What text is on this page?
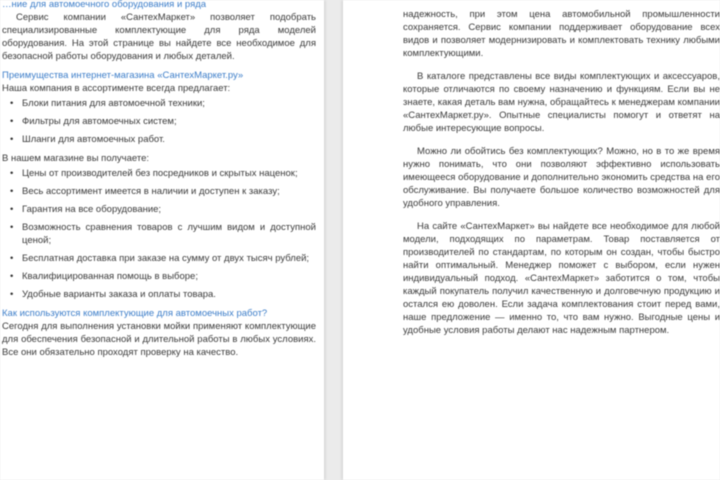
…ние для автомоечного оборудования и ряда

Сервис компании «СантехМаркет» позволяет подобрать специализированные комплектующие для ряда моделей оборудования. На этой странице вы найдете все необходимое для безопасной работы оборудования и любых деталей.

Преимущества интернет-магазина «СантехМаркет.ру»

Наша компания в ассортименте всегда предлагает:

• Блоки питания для автомоечной техники;
• Фильтры для автомоечных систем;
• Шланги для автомоечных работ.

В нашем магазине вы получаете:

• Цены от производителей без посредников и скрытых наценок;
• Весь ассортимент имеется в наличии и доступен к заказу;
• Гарантия на все оборудование;
• Возможность сравнения товаров с лучшим видом и доступной ценой;
• Бесплатная доставка при заказе на сумму от двух тысяч рублей;
• Квалифицированная помощь в выборе;
• Удобные варианты заказа и оплаты товара.
Как используются комплектующие для автомоечных работ?

Сегодня для выполнения установки мойки применяют комплектующие для обеспечения безопасной и длительной работы в любых условиях. Все они обязательно проходят проверку на качество.

надежность, при этом цена автомобильной промышленности сохраняется. Сервис компании поддерживает оборудование всех видов и позволяет модернизировать и комплектовать технику любыми комплектующими.

В каталоге представлены все виды комплектующих и аксессуаров, которые отличаются по своему назначению и функциям. Если вы не знаете, какая деталь вам нужна, обращайтесь к менеджерам компании «СантехМаркет.ру». Опытные специалисты помогут и ответят на любые интересующие вопросы.

Можно ли обойтись без комплектующих? Можно, но в то же время нужно понимать, что они позволяют эффективно использовать имеющееся оборудование и дополнительно экономить средства на его обслуживание. Вы получаете большое количество возможностей для удобного управления.

На сайте «СантехМаркет» вы найдете все необходимое для любой модели, подходящих по параметрам. Товар поставляется от производителей по стандартам, по которым он создан, чтобы быстро найти оптимальный. Менеджер поможет с выбором, если нужен индивидуальный подход. «СантехМаркет» заботится о том, чтобы каждый покупатель получил качественную и долговечную продукцию и остался ею доволен. Если задача комплектования стоит перед вами, наше предложение — именно то, что вам нужно. Выгодные цены и удобные условия работы делают нас надежным партнером.
